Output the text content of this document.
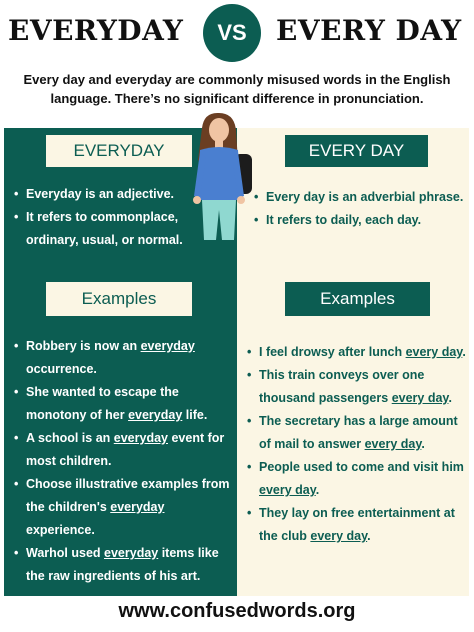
EVERYDAY	VS	EVERY DAY
Every day and everyday are commonly misused words in the English language. There’s no significant difference in pronunciation.
EVERYDAY	EVERY DAY
• Everyday is an adjective.
• It refers to commonplace, ordinary, usual, or normal.
• Every day is an adverbial phrase.
• It refers to daily, each day.
Examples	Examples
• Robbery is now an everyday occurrence.
• She wanted to escape the monotony of her everyday life.
• A school is an everyday event for most children.
• Choose illustrative examples from the children's everyday experience.
• Warhol used everyday items like the raw ingredients of his art.
• I feel drowsy after lunch every day.
• This train conveys over one thousand passengers every day.
• The secretary has a large amount of mail to answer every day.
• People used to come and visit him every day.
• They lay on free entertainment at the club every day.
www.confusedwords.org
